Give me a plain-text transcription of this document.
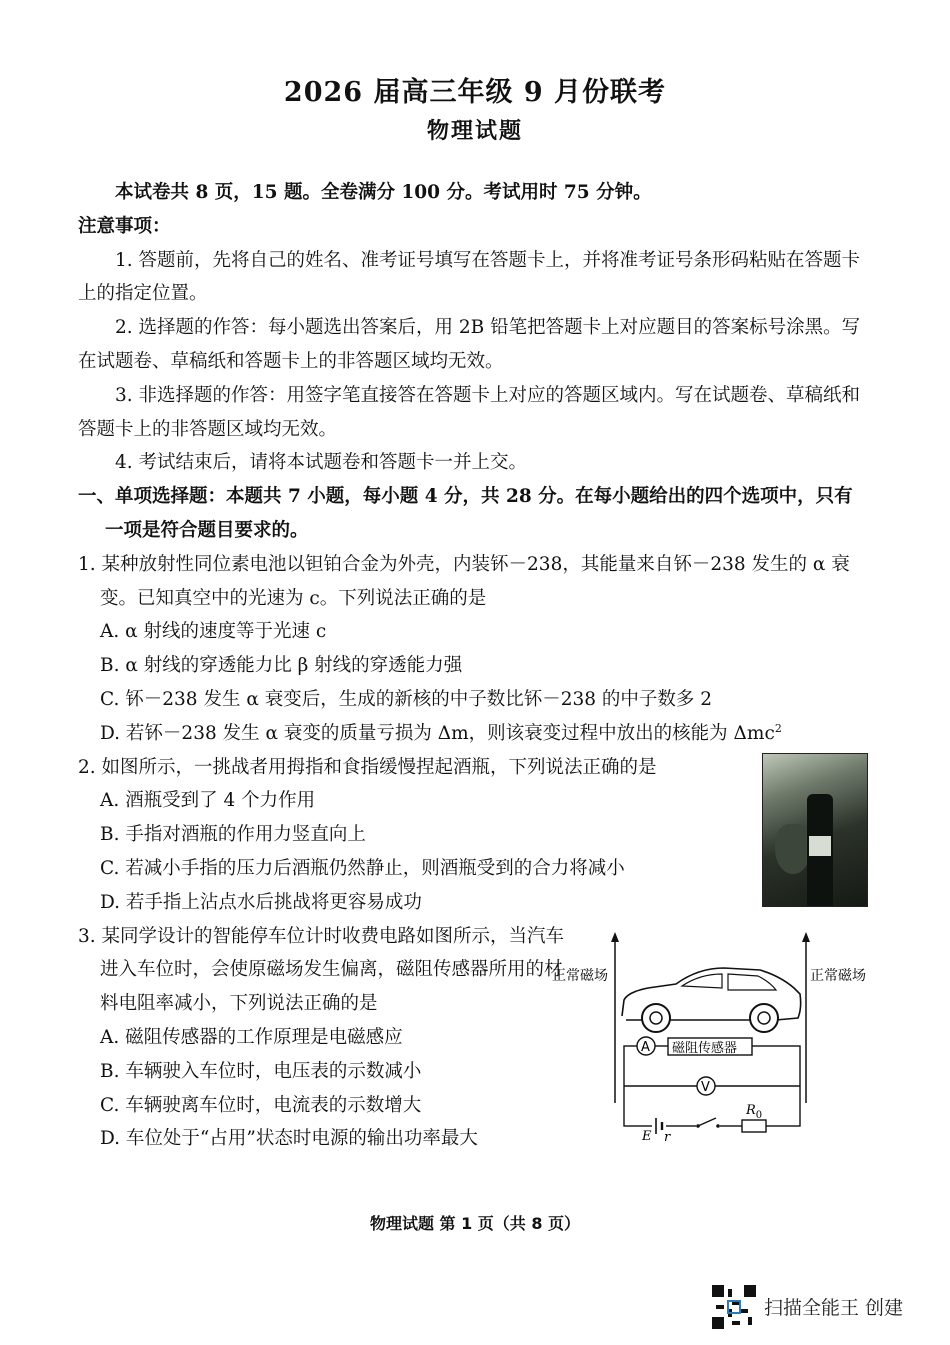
2026 届高三年级 9 月份联考
物理试题

本试卷共 8 页，15 题。全卷满分 100 分。考试用时 75 分钟。

注意事项：

1. 答题前，先将自己的姓名、准考证号填写在答题卡上，并将准考证号条形码粘贴在答题卡上的指定位置。

2. 选择题的作答：每小题选出答案后，用 2B 铅笔把答题卡上对应题目的答案标号涂黑。写在试题卷、草稿纸和答题卡上的非答题区域均无效。

3. 非选择题的作答：用签字笔直接答在答题卡上对应的答题区域内。写在试题卷、草稿纸和答题卡上的非答题区域均无效。

4. 考试结束后，请将本试题卷和答题卡一并上交。

一、单项选择题：本题共 7 小题，每小题 4 分，共 28 分。在每小题给出的四个选项中，只有一项是符合题目要求的。

1. 某种放射性同位素电池以钽铂合金为外壳，内装钚－238，其能量来自钚－238 发生的 α 衰变。已知真空中的光速为 c。下列说法正确的是

A. α 射线的速度等于光速 c

B. α 射线的穿透能力比 β 射线的穿透能力强

C. 钚－238 发生 α 衰变后，生成的新核的中子数比钚－238 的中子数多 2

D. 若钚－238 发生 α 衰变的质量亏损为 Δm，则该衰变过程中放出的核能为 Δmc$^2$

2. 如图所示，一挑战者用拇指和食指缓慢捏起酒瓶，下列说法正确的是

A. 酒瓶受到了 4 个力作用

B. 手指对酒瓶的作用力竖直向上

C. 若减小手指的压力后酒瓶仍然静止，则酒瓶受到的合力将减小

D. 若手指上沾点水后挑战将更容易成功

3. 某同学设计的智能停车位计时收费电路如图所示，当汽车进入车位时，会使原磁场发生偏离，磁阻传感器所用的材料电阻率减小，下列说法正确的是

A. 磁阻传感器的工作原理是电磁感应

B. 车辆驶入车位时，电压表的示数减小

C. 车辆驶离车位时，电流表的示数增大

D. 车位处于“占用”状态时电源的输出功率最大

正常磁场	正常磁场
A 磁阻传感器
V
E r
$R_0$
物理试题 第 1 页（共 8 页）
扫描全能王 创建
